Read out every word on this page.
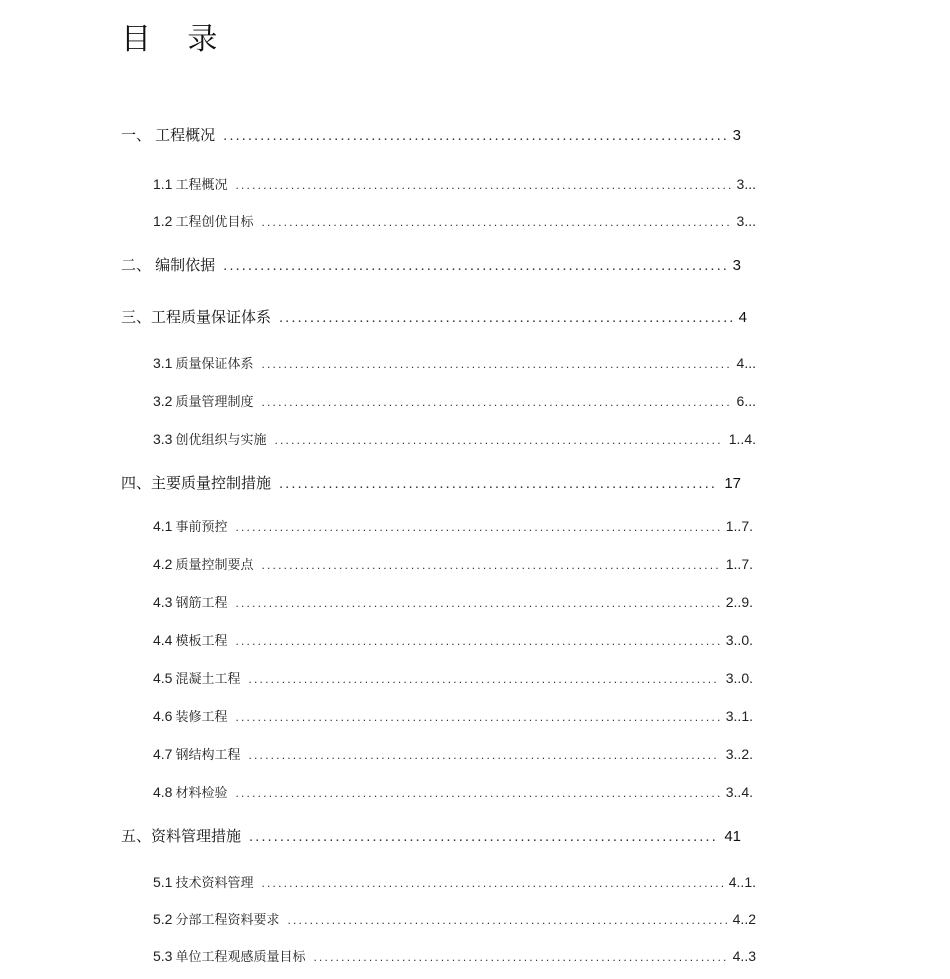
目 录
一、 工程概况 .....	3
1.1 工程概况 .....	3...
1.2 工程创优目标 .....	3...
二、 编制依据 .....	3
三、工程质量保证体系 .....	4
3.1 质量保证体系 .....	4...
3.2 质量管理制度 .....	6...
3.3 创优组织与实施 .....	1..4.
四、主要质量控制措施 .....	17
4.1 事前预控 .....	1..7.
4.2 质量控制要点 .....	1..7.
4.3 钢筋工程 .....	2..9.
4.4 模板工程 .....	3..0.
4.5 混凝土工程 .....	3..0.
4.6 装修工程 .....	3..1.
4.7 钢结构工程 .....	3..2.
4.8 材料检验 .....	3..4.
五、资料管理措施 .....	41
5.1 技术资料管理 .....	4..1.
5.2 分部工程资料要求 .....	4..2
5.3 单位工程观感质量目标 .....	4..3
